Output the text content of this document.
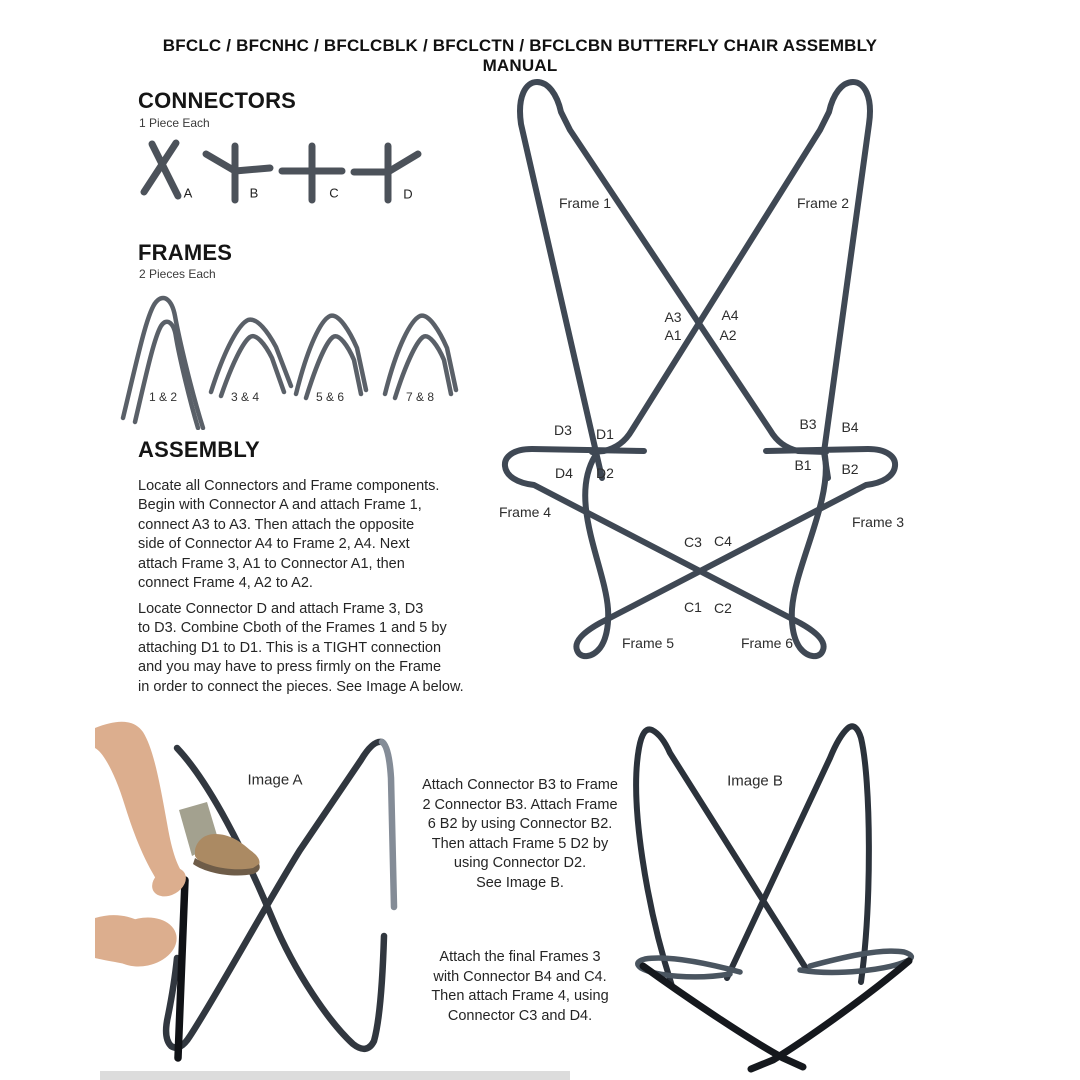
BFCLC / BFCNHC / BFCLCBLK / BFCLCTN / BFCLCBN BUTTERFLY CHAIR ASSEMBLY MANUAL
CONNECTORS
1 Piece Each
A	B	C	D
FRAMES
2 Pieces Each
1 & 2	3 & 4	5 & 6	7 & 8
ASSEMBLY
Locate all Connectors and Frame components.
Begin with Connector A and attach Frame 1,
connect A3 to A3. Then attach the opposite
side of Connector A4 to Frame 2, A4. Next
attach Frame 3, A1 to Connector A1, then
connect Frame 4, A2 to A2.
Locate Connector D and attach Frame 3, D3
to D3. Combine Cboth of the Frames 1 and 5 by
attaching D1 to D1. This is a TIGHT connection
and you may have to press firmly on the Frame
in order to connect the pieces. See Image A below.
Frame 1	Frame 2
A3	A4
A1	A2
D3 D1
B3 B4
D4 D2	B1 B2
Frame 4
Frame 3
C3 C4
C1 C2
Frame 5	Frame 6
Image A	Attach Connector B3 to Frame
2 Connector B3. Attach Frame
6 B2 by using Connector B2.
Then attach Frame 5 D2 by
using Connector D2.
See Image B.
Attach the final Frames 3
with Connector B4 and C4.
Then attach Frame 4, using
Connector C3 and D4.
Image B
